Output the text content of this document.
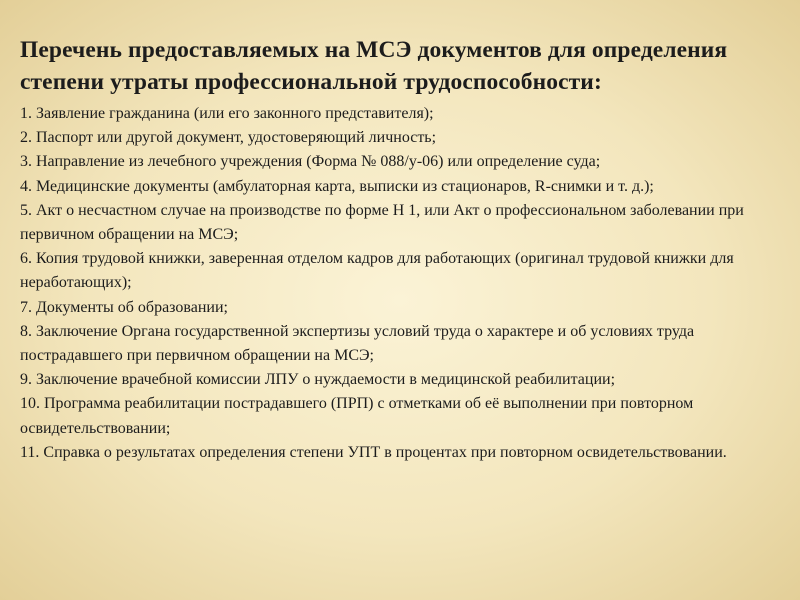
Перечень предоставляемых на МСЭ документов для определения степени утраты профессиональной трудоспособности:
1. Заявление гражданина (или его законного представителя);
2. Паспорт или другой документ, удостоверяющий личность;
3. Направление из лечебного учреждения (Форма № 088/у-06) или определение суда;
4. Медицинские документы (амбулаторная карта, выписки из стационаров, R-снимки и т. д.);
5. Акт о несчастном случае на производстве по форме Н 1, или Акт о профессиональном заболевании при первичном обращении на МСЭ;
6. Копия трудовой книжки, заверенная отделом кадров для работающих (оригинал трудовой книжки для неработающих);
7. Документы об образовании;
8. Заключение Органа государственной экспертизы условий труда о характере и об условиях труда пострадавшего при первичном обращении на МСЭ;
9. Заключение врачебной комиссии ЛПУ о нуждаемости в медицинской реабилитации;
10. Программа реабилитации пострадавшего (ПРП) с отметками об её выполнении при повторном освидетельствовании;
11. Справка о результатах определения степени УПТ в процентах при повторном освидетельствовании.
